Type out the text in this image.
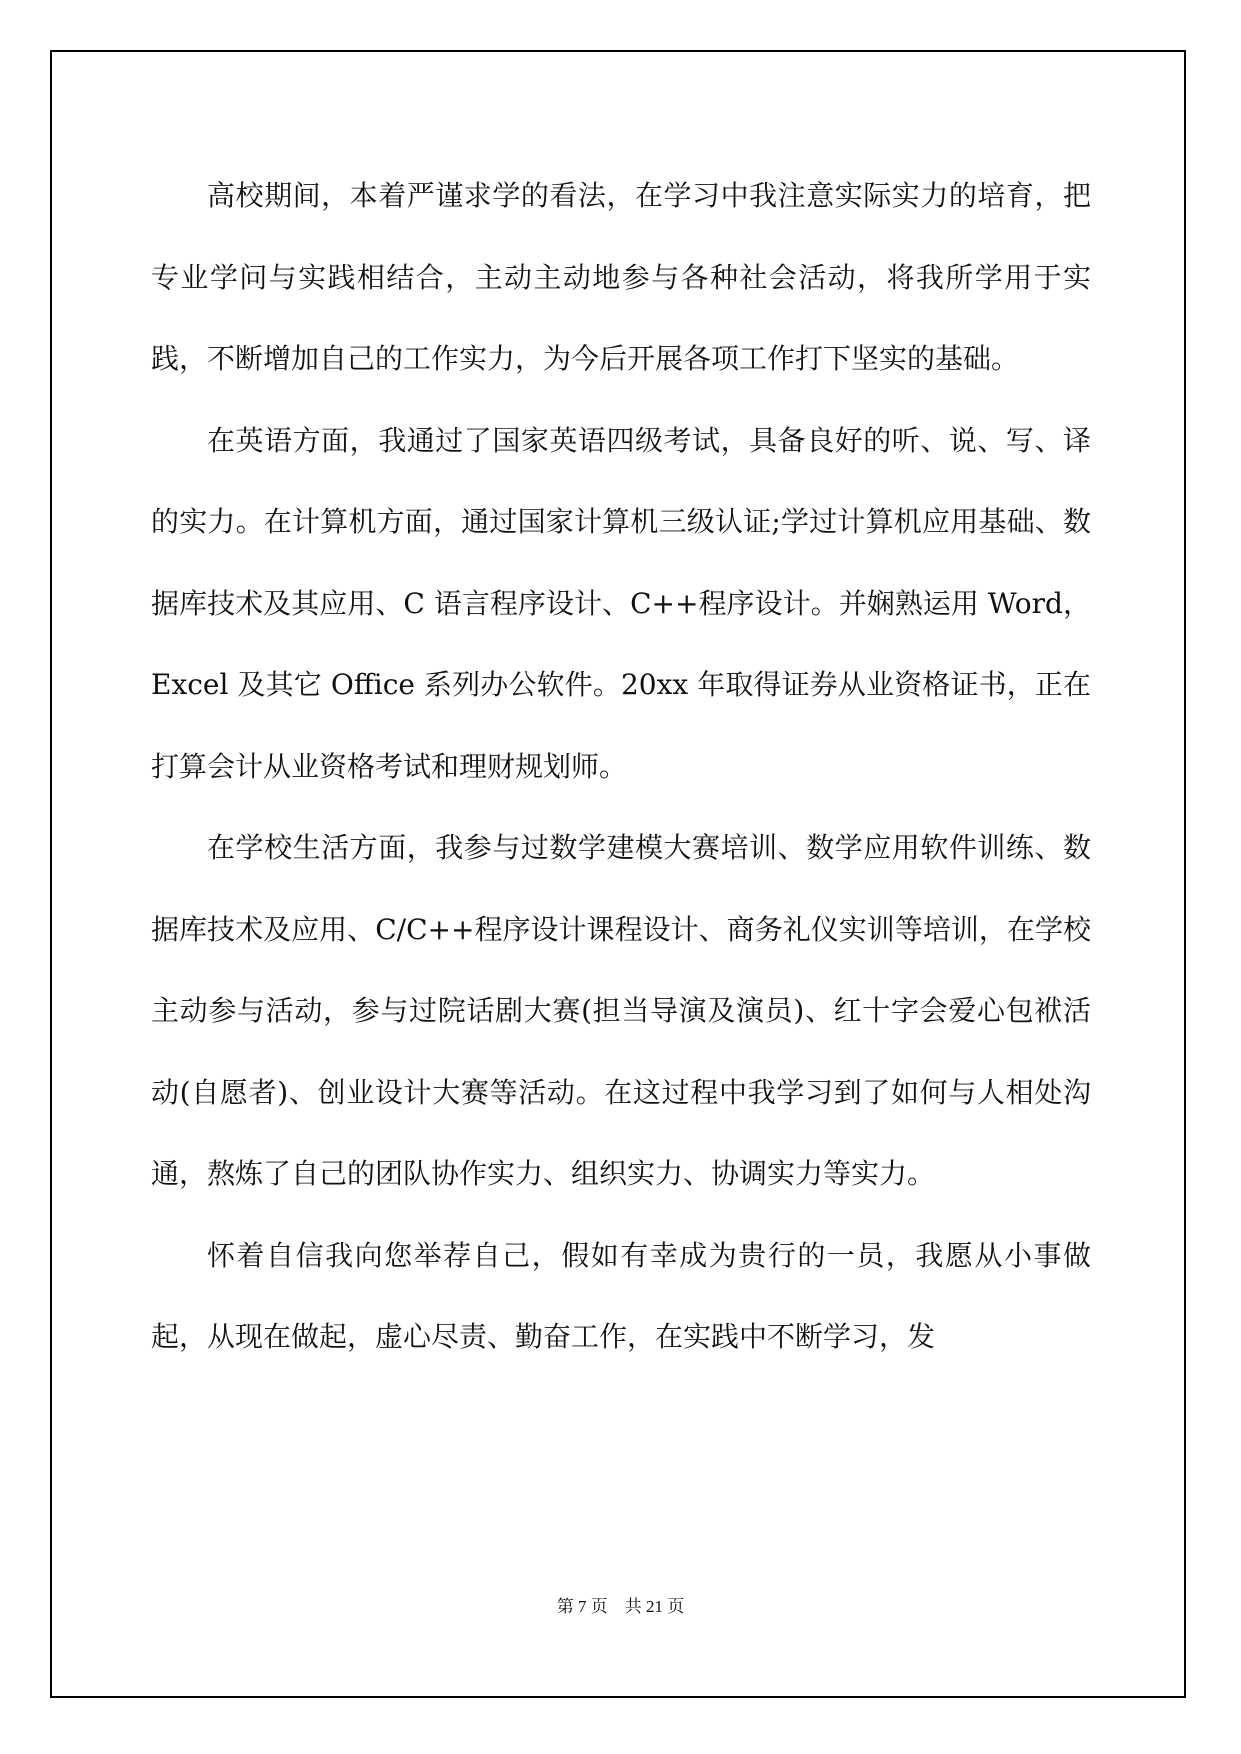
高校期间，本着严谨求学的看法，在学习中我注意实际实力的培育，把专业学问与实践相结合，主动主动地参与各种社会活动，将我所学用于实践，不断增加自己的工作实力，为今后开展各项工作打下坚实的基础。

在英语方面，我通过了国家英语四级考试，具备良好的听、说、写、译的实力。在计算机方面，通过国家计算机三级认证;学过计算机应用基础、数据库技术及其应用、C 语言程序设计、C++程序设计。并娴熟运用 Word，Excel 及其它 Office 系列办公软件。20xx 年取得证券从业资格证书，正在打算会计从业资格考试和理财规划师。

在学校生活方面，我参与过数学建模大赛培训、数学应用软件训练、数据库技术及应用、C/C++程序设计课程设计、商务礼仪实训等培训，在学校主动参与活动，参与过院话剧大赛(担当导演及演员)、红十字会爱心包袱活动(自愿者)、创业设计大赛等活动。在这过程中我学习到了如何与人相处沟通，熬炼了自己的团队协作实力、组织实力、协调实力等实力。

怀着自信我向您举荐自己，假如有幸成为贵行的一员，我愿从小事做起，从现在做起，虚心尽责、勤奋工作，在实践中不断学习，发

第 7 页    共 21 页
